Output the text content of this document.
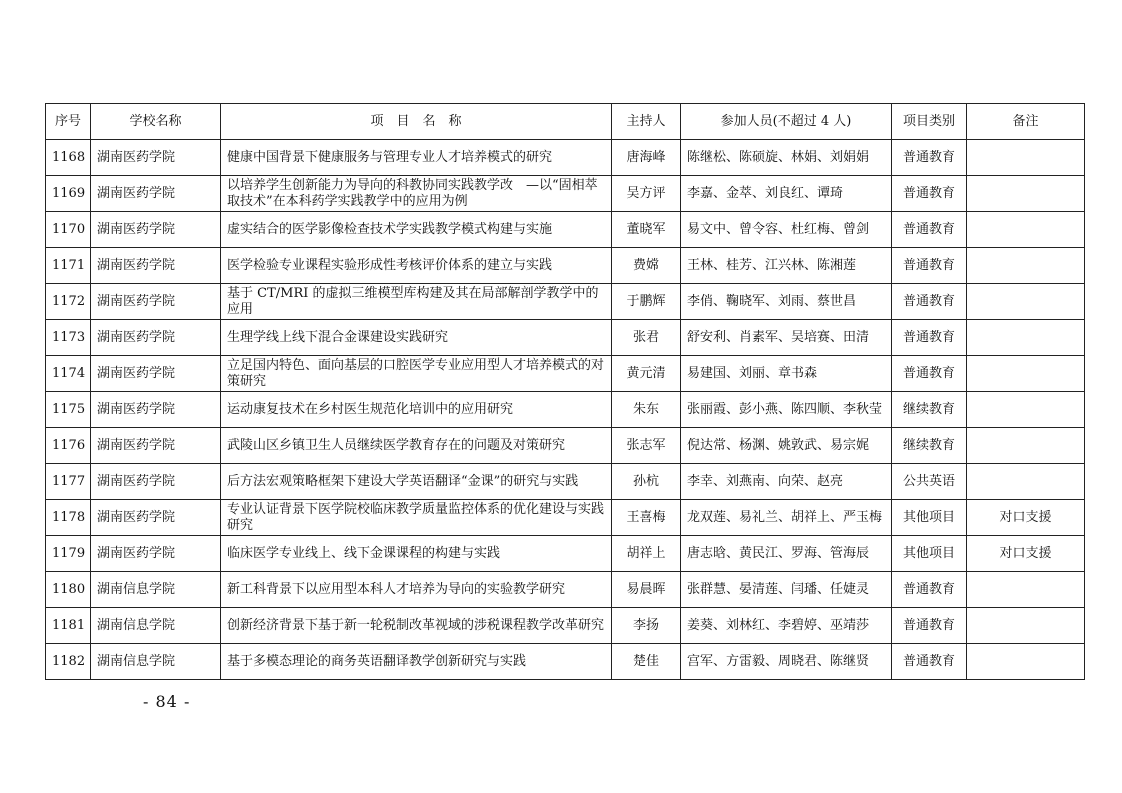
序号	学校名称	项　目　名　称	主持人	参加人员(不超过 4 人)	项目类别	备注
1168	湖南医药学院	健康中国背景下健康服务与管理专业人才培养模式的研究	唐海峰	陈继松、陈硕旋、林娟、刘娟娟	普通教育	
1169	湖南医药学院	以培养学生创新能力为导向的科教协同实践教学改　—以“固相萃取技术”在本科药学实践教学中的应用为例	吴方评	李嘉、金萃、刘良红、谭琦	普通教育	
1170	湖南医药学院	虚实结合的医学影像检查技术学实践教学模式构建与实施	董晓军	易文中、曾令容、杜红梅、曾剑	普通教育	
1171	湖南医药学院	医学检验专业课程实验形成性考核评价体系的建立与实践	费嫦	王林、桂芳、江兴林、陈湘莲	普通教育	
1172	湖南医药学院	基于 CT/MRI 的虚拟三维模型库构建及其在局部解剖学教学中的应用	于鹏辉	李俏、鞠晓军、刘雨、蔡世昌	普通教育	
1173	湖南医药学院	生理学线上线下混合金课建设实践研究	张君	舒安利、肖素军、吴培赛、田清	普通教育	
1174	湖南医药学院	立足国内特色、面向基层的口腔医学专业应用型人才培养模式的对策研究	黄元清	易建国、刘丽、章书森	普通教育	
1175	湖南医药学院	运动康复技术在乡村医生规范化培训中的应用研究	朱东	张丽霞、彭小燕、陈四顺、李秋莹	继续教育	
1176	湖南医药学院	武陵山区乡镇卫生人员继续医学教育存在的问题及对策研究	张志军	倪达常、杨渊、姚敦武、易宗娓	继续教育	
1177	湖南医药学院	后方法宏观策略框架下建设大学英语翻译“金课”的研究与实践	孙杭	李幸、刘燕南、向荣、赵亮	公共英语	
1178	湖南医药学院	专业认证背景下医学院校临床教学质量监控体系的优化建设与实践研究	王喜梅	龙双莲、易礼兰、胡祥上、严玉梅	其他项目	对口支援
1179	湖南医药学院	临床医学专业线上、线下金课课程的构建与实践	胡祥上	唐志晗、黄民江、罗海、管海辰	其他项目	对口支援
1180	湖南信息学院	新工科背景下以应用型本科人才培养为导向的实验教学研究	易晨晖	张群慧、晏清莲、闫璠、任婕灵	普通教育	
1181	湖南信息学院	创新经济背景下基于新一轮税制改革视域的涉税课程教学改革研究	李扬	姜葵、刘林红、李碧婷、巫靖莎	普通教育	
1182	湖南信息学院	基于多模态理论的商务英语翻译教学创新研究与实践	楚佳	宫军、方雷毅、周晓君、陈继贤	普通教育	
- 84 -
